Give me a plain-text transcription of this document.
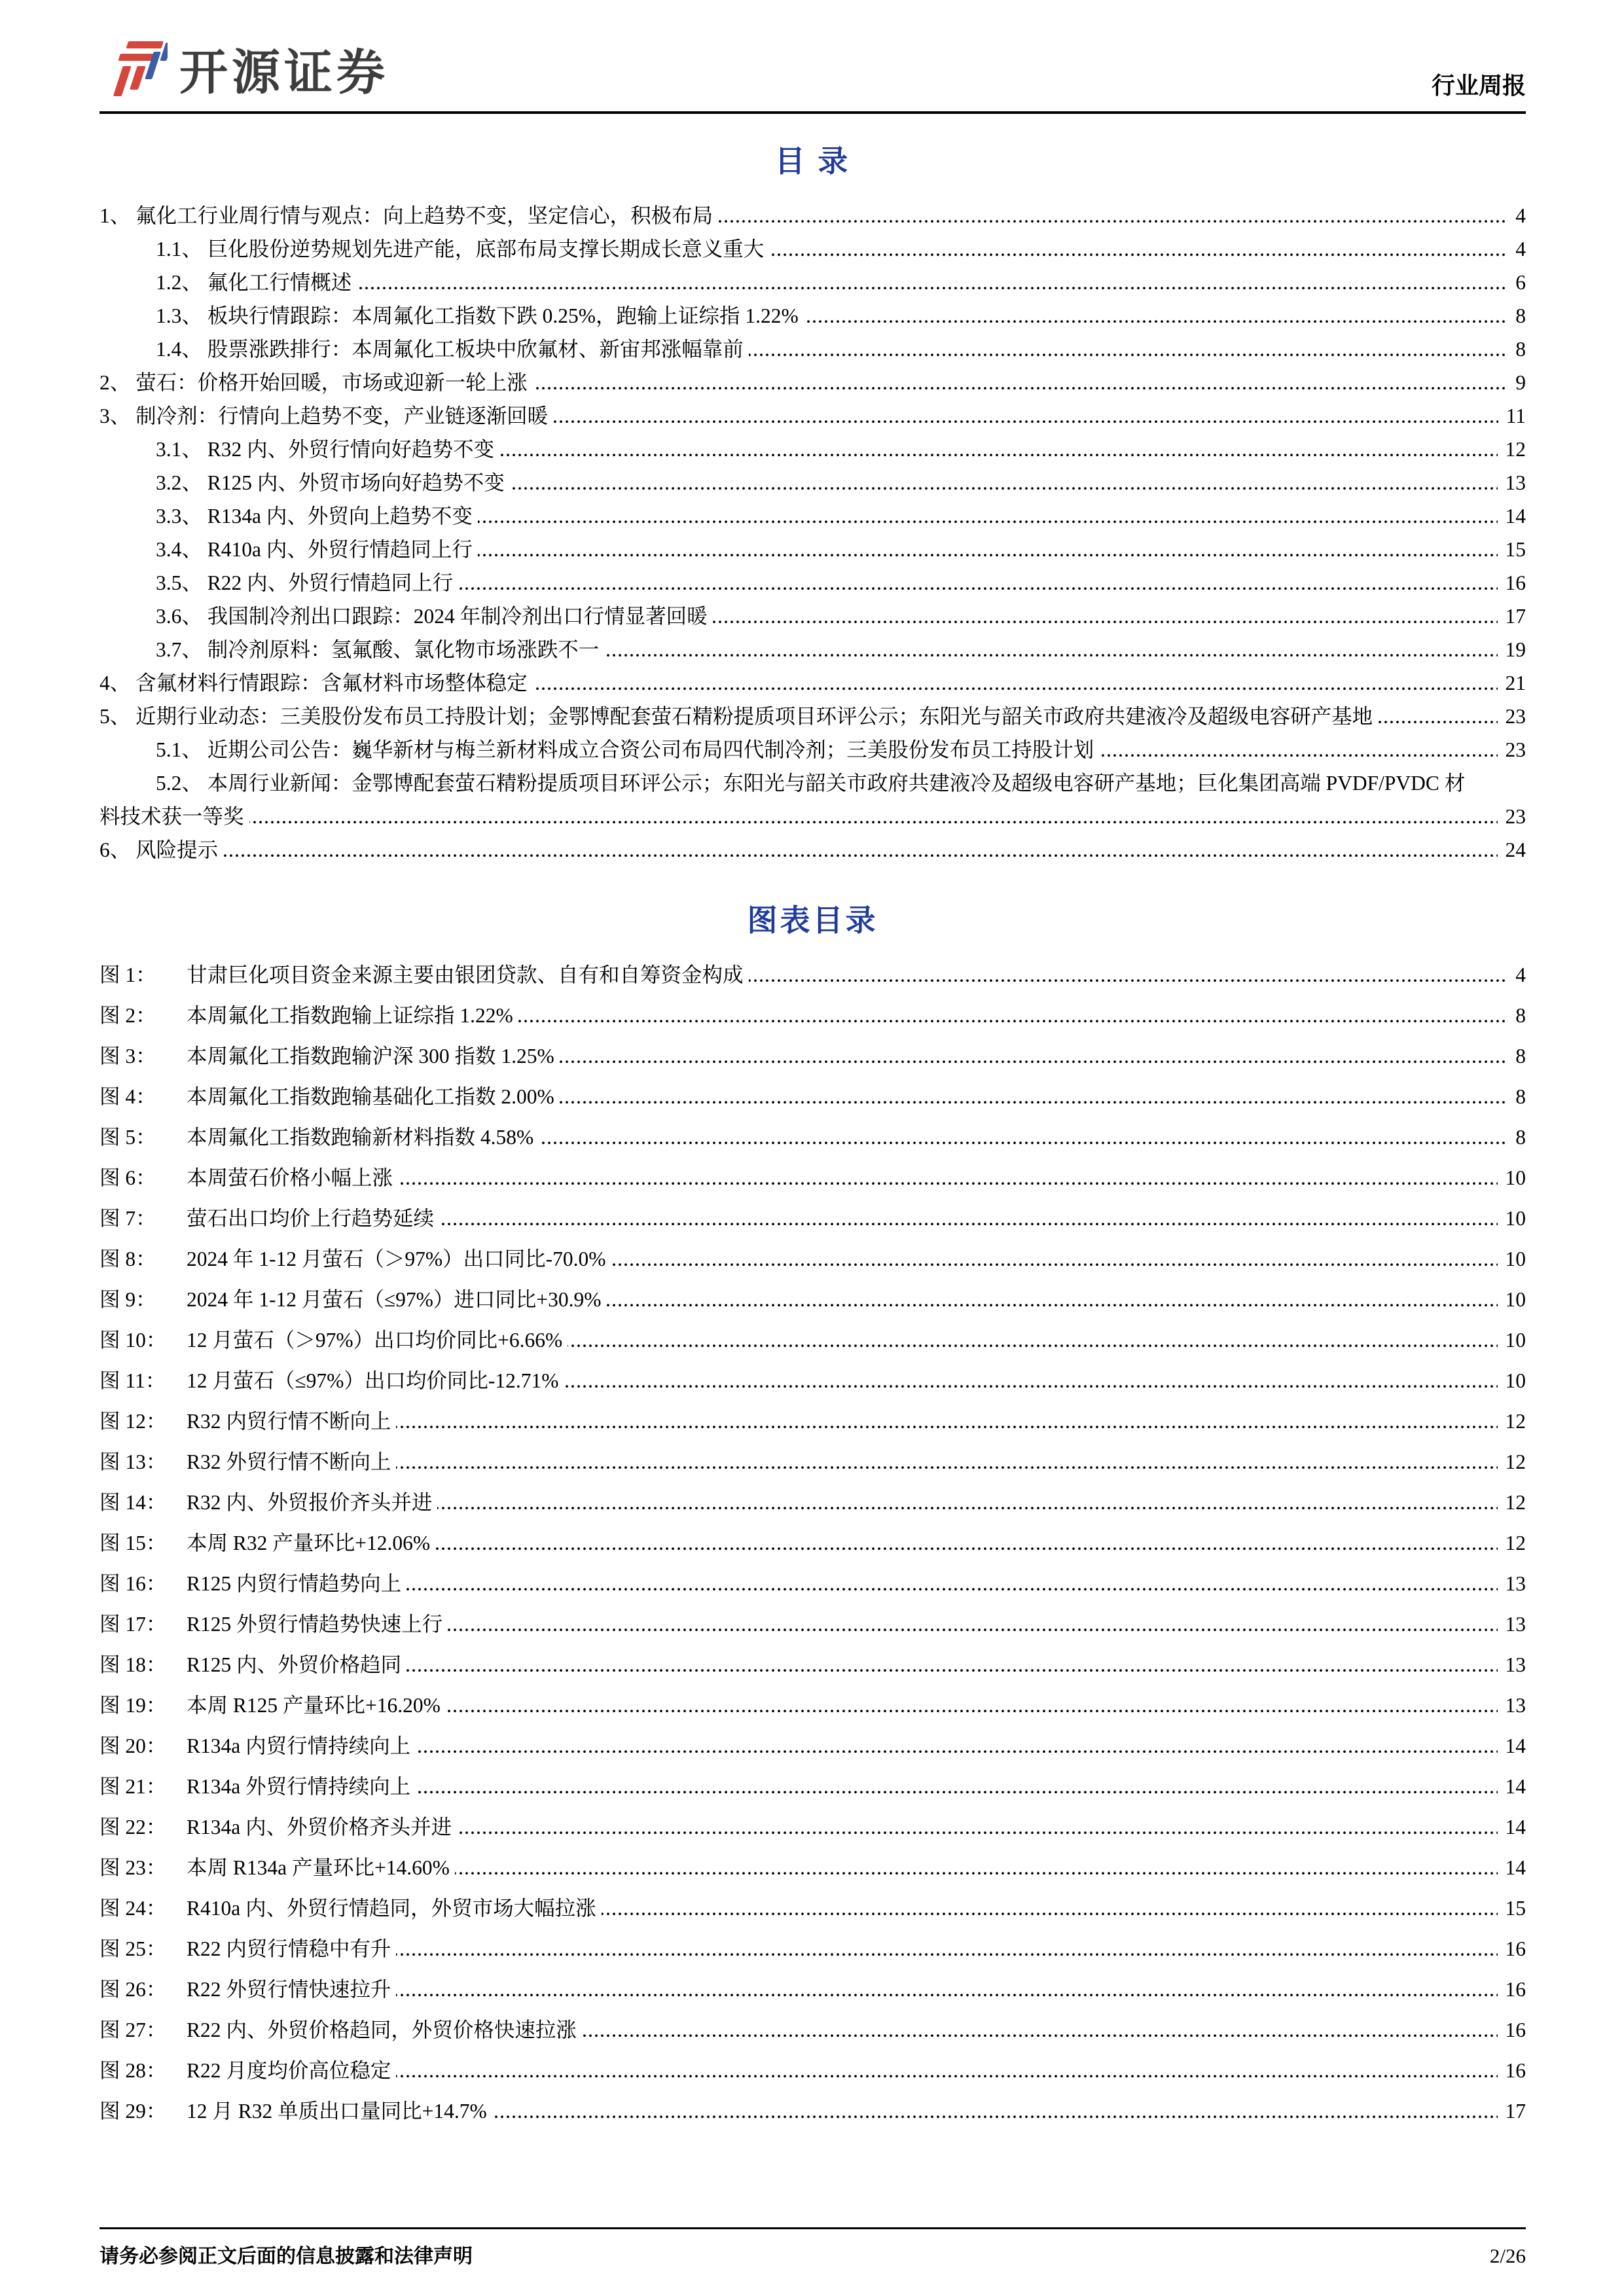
开源证券	行业周报
目 录
1、 氟化工行业周行情与观点：向上趋势不变，坚定信心，积极布局	4
1.1、 巨化股份逆势规划先进产能，底部布局支撑长期成长意义重大	4
1.2、 氟化工行情概述	6
1.3、 板块行情跟踪：本周氟化工指数下跌 0.25%，跑输上证综指 1.22%	8
1.4、 股票涨跌排行：本周氟化工板块中欣氟材、新宙邦涨幅靠前	8
2、 萤石：价格开始回暖，市场或迎新一轮上涨	9
3、 制冷剂：行情向上趋势不变，产业链逐渐回暖	11
3.1、 R32 内、外贸行情向好趋势不变	12
3.2、 R125 内、外贸市场向好趋势不变	13
3.3、 R134a 内、外贸向上趋势不变	14
3.4、 R410a 内、外贸行情趋同上行	15
3.5、 R22 内、外贸行情趋同上行	16
3.6、 我国制冷剂出口跟踪：2024 年制冷剂出口行情显著回暖	17
3.7、 制冷剂原料：氢氟酸、氯化物市场涨跌不一	19
4、 含氟材料行情跟踪：含氟材料市场整体稳定	21
5、 近期行业动态：三美股份发布员工持股计划；金鄂博配套萤石精粉提质项目环评公示；东阳光与韶关市政府共建液冷及超级电容研产基地	23
5.1、 近期公司公告：巍华新材与梅兰新材料成立合资公司布局四代制冷剂；三美股份发布员工持股计划	23
5.2、 本周行业新闻：金鄂博配套萤石精粉提质项目环评公示；东阳光与韶关市政府共建液冷及超级电容研产基地；巨化集团高端 PVDF/PVDC 材料技术获一等奖	23
6、 风险提示	24
图表目录
图 1： 甘肃巨化项目资金来源主要由银团贷款、自有和自筹资金构成	4
图 2： 本周氟化工指数跑输上证综指 1.22%	8
图 3： 本周氟化工指数跑输沪深 300 指数 1.25%	8
图 4： 本周氟化工指数跑输基础化工指数 2.00%	8
图 5： 本周氟化工指数跑输新材料指数 4.58%	8
图 6： 本周萤石价格小幅上涨	10
图 7： 萤石出口均价上行趋势延续	10
图 8： 2024 年 1-12 月萤石（＞97%）出口同比-70.0%	10
图 9： 2024 年 1-12 月萤石（≤97%）进口同比+30.9%	10
图 10： 12 月萤石（＞97%）出口均价同比+6.66%	10
图 11： 12 月萤石（≤97%）出口均价同比-12.71%	10
图 12： R32 内贸行情不断向上	12
图 13： R32 外贸行情不断向上	12
图 14： R32 内、外贸报价齐头并进	12
图 15： 本周 R32 产量环比+12.06%	12
图 16： R125 内贸行情趋势向上	13
图 17： R125 外贸行情趋势快速上行	13
图 18： R125 内、外贸价格趋同	13
图 19： 本周 R125 产量环比+16.20%	13
图 20： R134a 内贸行情持续向上	14
图 21： R134a 外贸行情持续向上	14
图 22： R134a 内、外贸价格齐头并进	14
图 23： 本周 R134a 产量环比+14.60%	14
图 24： R410a 内、外贸行情趋同，外贸市场大幅拉涨	15
图 25： R22 内贸行情稳中有升	16
图 26： R22 外贸行情快速拉升	16
图 27： R22 内、外贸价格趋同，外贸价格快速拉涨	16
图 28： R22 月度均价高位稳定	16
图 29： 12 月 R32 单质出口量同比+14.7%	17
请务必参阅正文后面的信息披露和法律声明	2/26
